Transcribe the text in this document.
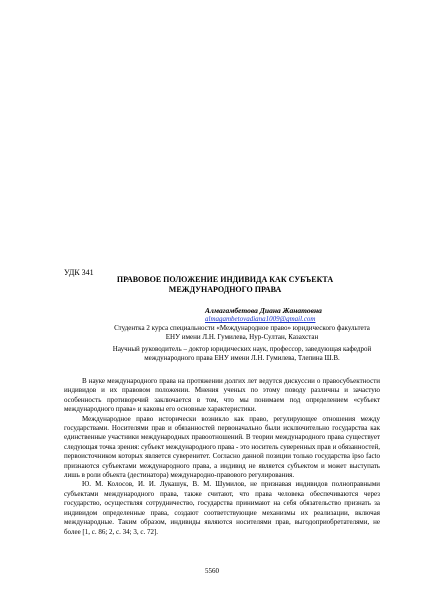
УДК 341
ПРАВОВОЕ ПОЛОЖЕНИЕ ИНДИВИДА КАК СУБЪЕКТА
МЕЖДУНАРОДНОГО ПРАВА
Алмагамбетова Диана Жанатовна
almagambetovadiana1009@gmail.com
Студентка 2 курса специальности «Международное право» юридического факультета
ЕНУ имени Л.Н. Гумилева, Нур-Султан, Казахстан
Научный руководитель – доктор юридических наук, профессор, заведующая кафедрой
международного права ЕНУ имени Л.Н. Гумилева, Тлепина Ш.В.

В науке международного права на протяжении долгих лет ведутся дискуссии о правосубъектности индивидов и их правовом положении. Мнения ученых по этому поводу различны и зачастую особенность противоречий заключается в том, что мы понимаем под определением «субъект международного права» и каковы его основные характеристики.

Международное право исторически возникло как право, регулирующее отношения между государствами. Носителями прав и обязанностей первоначально были исключительно государства как единственные участники международных правоотношений. В теории международного права существует следующая точка зрения: субъект международного права - это носитель суверенных прав и обязанностей, первоисточником которых является суверенитет. Согласно данной позиции только государства ipso facto признаются субъектами международного права, а индивид не является субъектом и может выступать лишь в роли объекта (дестинатора) международно-правового регулирования.

Ю. М. Колосов, И. И. Лукашук, В. М. Шумилов, не признавая индивидов полноправными субъектами международного права, также считают, что права человека обеспечиваются через государство, осуществляя сотрудничество, государства принимают на себя обязательство признать за индивидом определенные права, создают соответствующие механизмы их реализации, включая международные. Таким образом, индивиды являются носителями прав, выгодоприобретателями, не более [1, с. 86; 2, с. 34; 3, с. 72].

5560
